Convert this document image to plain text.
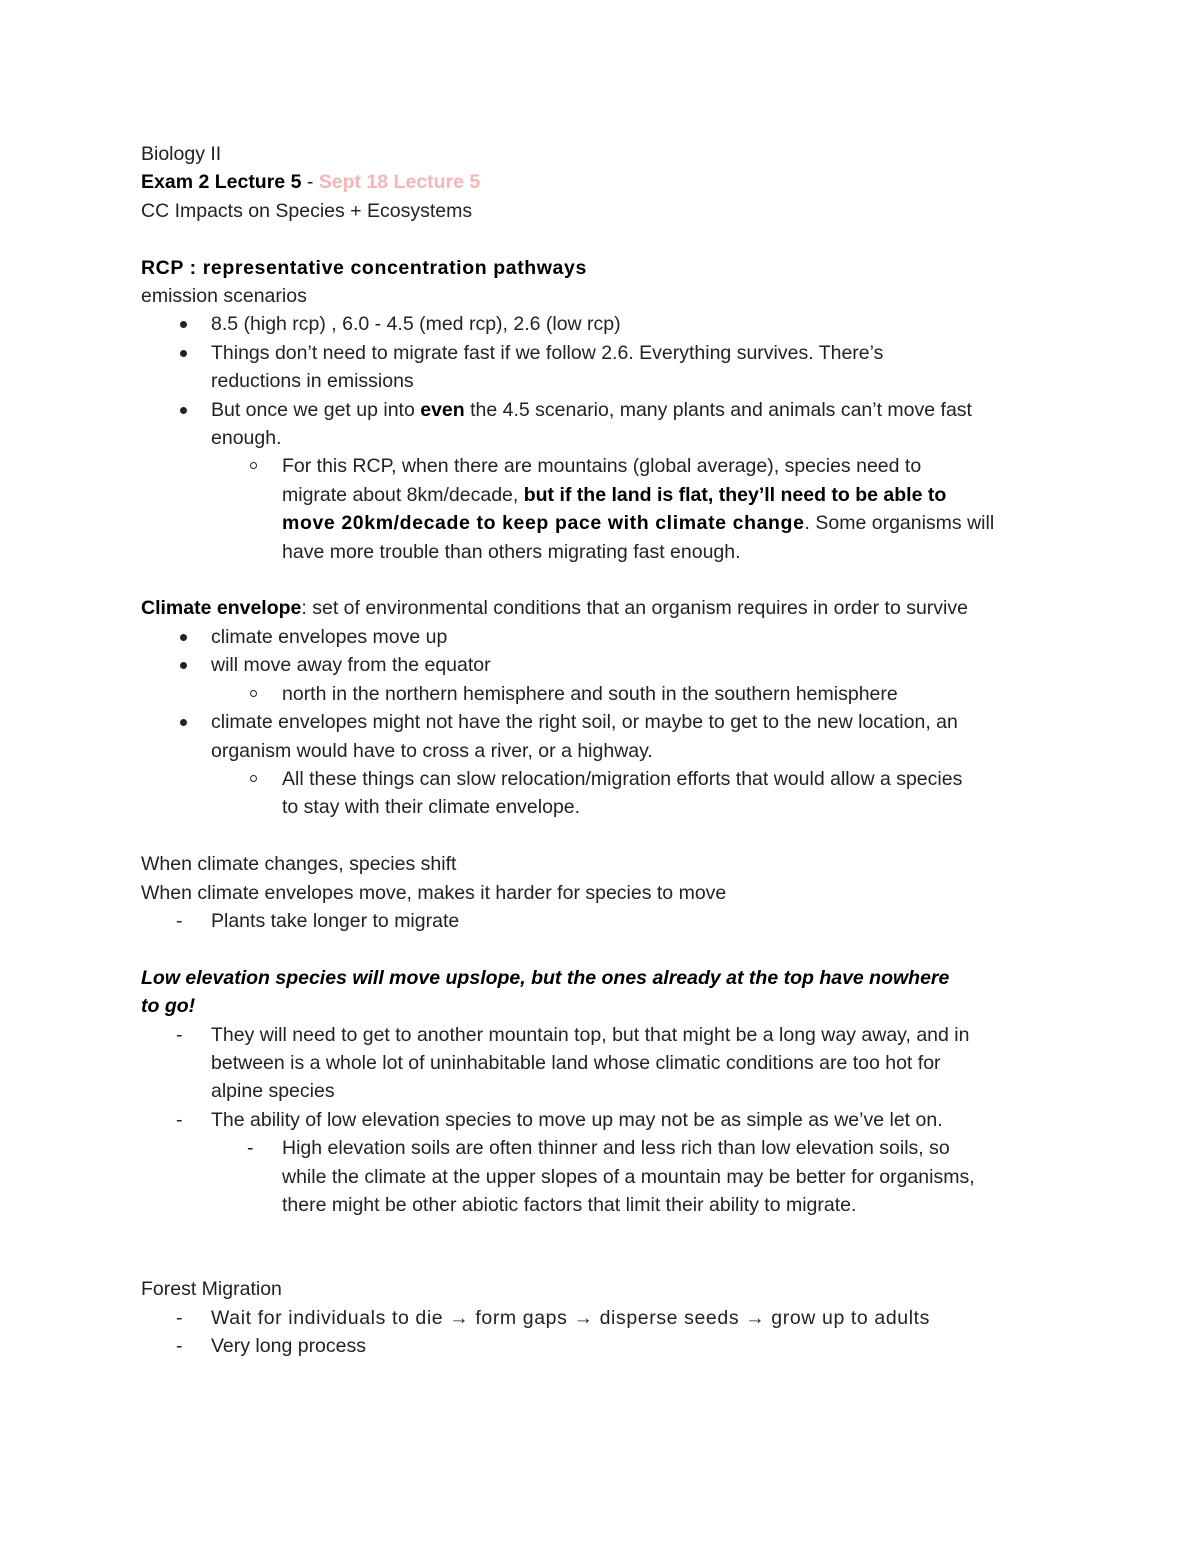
Biology II
Exam 2 Lecture 5 - Sept 18 Lecture 5
CC Impacts on Species + Ecosystems
RCP : representative concentration pathways
emission scenarios
8.5 (high rcp) , 6.0 - 4.5 (med rcp), 2.6 (low rcp)
Things don’t need to migrate fast if we follow 2.6. Everything survives. There’s
reductions in emissions
But once we get up into even the 4.5 scenario, many plants and animals can’t move fast
enough.
For this RCP, when there are mountains (global average), species need to
migrate about 8km/decade, but if the land is flat, they’ll need to be able to
move 20km/decade to keep pace with climate change. Some organisms will
have more trouble than others migrating fast enough.
Climate envelope: set of environmental conditions that an organism requires in order to survive
climate envelopes move up
will move away from the equator
north in the northern hemisphere and south in the southern hemisphere
climate envelopes might not have the right soil, or maybe to get to the new location, an
organism would have to cross a river, or a highway.
All these things can slow relocation/migration efforts that would allow a species
to stay with their climate envelope.
When climate changes, species shift
When climate envelopes move, makes it harder for species to move
- Plants take longer to migrate
Low elevation species will move upslope, but the ones already at the top have nowhere
to go!
- They will need to get to another mountain top, but that might be a long way away, and in
between is a whole lot of uninhabitable land whose climatic conditions are too hot for
alpine species
- The ability of low elevation species to move up may not be as simple as we’ve let on.
- High elevation soils are often thinner and less rich than low elevation soils, so
while the climate at the upper slopes of a mountain may be better for organisms,
there might be other abiotic factors that limit their ability to migrate.
Forest Migration
- Wait for individuals to die → form gaps → disperse seeds → grow up to adults
- Very long process
